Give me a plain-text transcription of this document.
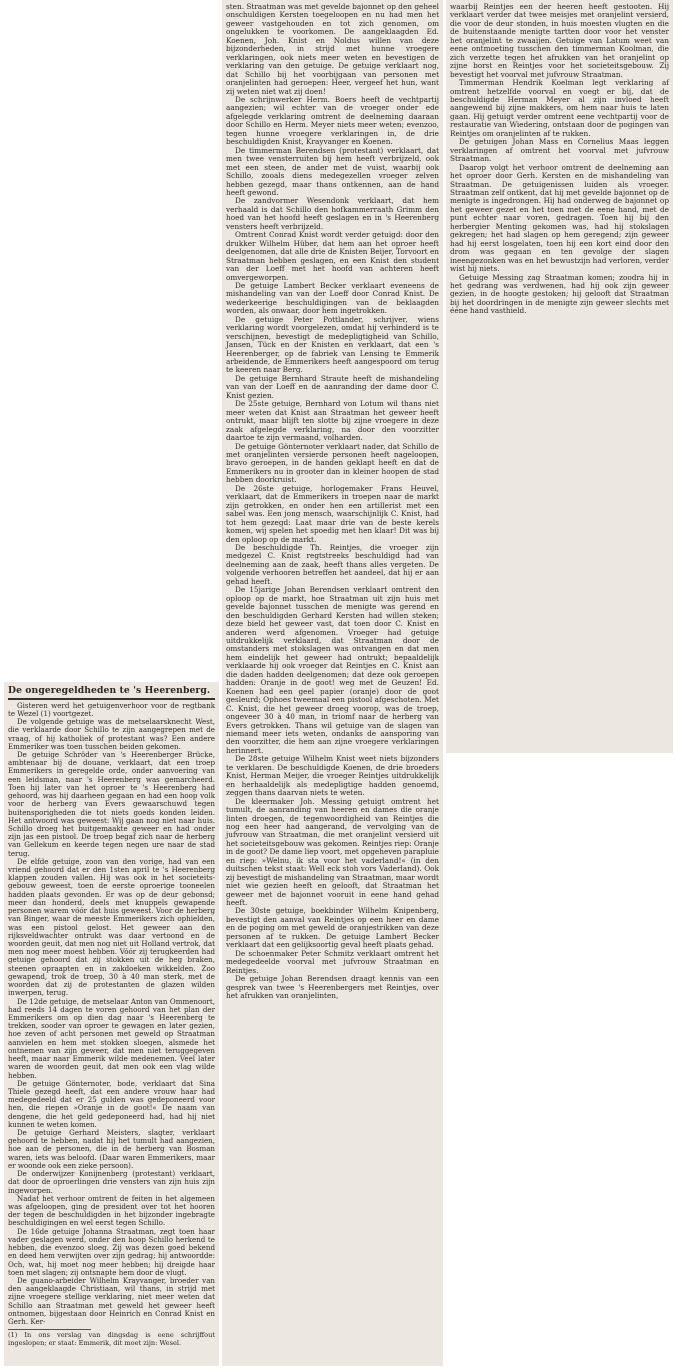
De ongeregeldheden te 's Heerenberg.

Gisteren werd het getuigenverhoor voor de regtbank te Wezel (1) voortgezet.

De volgende getuige was de metselaarsknecht West, die verklaarde door Schillo te zijn aangegrepen met de vraag, of hij katholiek of protestant was? Een andere Emmeriker was toen tusschen beiden gekomen.

De getuige Schröder van 's Heerenberger Brücke, ambtenaar bij de douane, verklaart, dat een troep Emmerikers in geregelde orde, onder aanvoering van een leidsman, naar 's Heerenberg was gemarcheerd. Toen hij later van het oproer te 's Heerenberg had gehoord, was hij daarheen gegaan en had een hoop volk voor de herberg van Evers gewaarschuwd tegen buitensporigheden die tot niets goeds konden leiden. Het antwoord was geweest: Wij gaan nog niet naar huis. Schillo droeg het buitgemaakte geweer en had onder zijn jas een pistool. De troep begaf zich naar de herberg van Gellekum en keerde tegen negen ure naar de stad terug.

De elfde getuige, zoon van den vorige, had van een vriend gehoord dat er den 1sten april te 's Heerenberg klappen zouden vallen. Hij was ook in het societeits-gebouw geweest, toen de eerste oproerige tooneelen hadden plaats gevonden. Er was op de deur gebonsd; meer dan honderd, deels met knuppels gewapende personen warem vóór dat huis geweest. Voor de herberg van Binger, waar de meeste Emmerikers zich ophielden, was een pistool gelost. Het geweer aan den rijksveldwachter ontrukt was daar vertoond en de woorden geuit, dat men nog niet uit Holland vertrok, dat men nog meer moest hebben. Vóór zij terugkeerden had getuige gehoord dat zij stokken uit de heg braken, steenen opraapten en in zakdoeken wikkelden. Zoo gewapend, trok de troep, 30 à 40 man sterk, met de woorden dat zij de protestanten de glazen wilden inwerpen, terug.

De 12de getuige, de metselaar Anton van Ommenoort, had reeds 14 dagen te voren gehoord van het plan der Emmerikers om op dien dag naar 's Heerenberg te trekken, sooder van oproer te gewagen en later gezien, hoe zeven of acht personen met geweld op Straatman aanvielen en hem met stokken sloegen, alsmede het ontnemen van zijn geweer, dat men niet teruggegeven heeft, maar naar Emmerik wilde medenemen. Veel later waren de woorden geuit, dat men ook een vlag wilde hebben.

De getuige Gönternoter, bode, verklaart dat Sina Thiele gezegd heeft, dat een andere vrouw haar had medegedeeld dat er 25 gulden was gedeponeerd voor hen, die riepen »Oranje in de goot!« De naam van dengene, die het geld gedeponeerd had, had hij niet kunnen te weten komen.

De getuige Gerhard Meisters, slagter, verklaart gehoord te hebben, nadat hij het tumult had aangezien, hoe aan de personen, die in de herberg van Bosman waren, iets was beloofd. (Daar waren Emmerikers, maar er woonde ook een zieke persoon).

De onderwijzer Konijnenberg (protestant) verklaart, dat door de oproerlingen drie vensters van zijn huis zijn ingeworpen.

Nadat het verhoor omtrent de feiten in het algemeen was afgeloopen, ging de president over tot het hooren der tegen de beschuldigden in het bijzonder ingebragte beschuldigingen en wel eerst tegen Schillo.

De 16de getuige Johanna Straatman, zegt toen haar vader geslagen werd, onder den hoop Schillo herkend te hebben, die evenzoo sloeg. Zij was dezen goed bekend en deed hem verwijten over zijn gedrag; hij antwoordde: Och, wat, hij moet nog meer hebben; hij dreigde haar toen met slagen; zij ontsnapte hem door de vlugt.

De guano-arbeider Wilhelm Krayvanger, broeder van den aangeklaagde Christiaan, wil thans, in strijd met zijne vroegere stellige verklaring, niet meer weten dat Schillo aan Straatman met geweld het geweer heeft ontnomen, bijgestaan door Heinrich en Conrad Knist en Gerh. Ker-

(1) In ons verslag van dingsdag is eene schrijffout ingeslopen; er staat: Emmerik, dit moet zijn: Wesel.

sten. Straatman was met gevelde bajonnet op den geheel onschuldigen Kersten toegeloopen en nu had men het geweer vastgehouden en tot zich genomen, om ongelukken te voorkomen. De aangeklaagden Ed. Koenen, Joh. Knist en Noldus willen van deze bijzonderheden, in strijd met hunne vroegere verklaringen, ook niets meer weten en bevestigen de verklaring van den getuige. De getuige verklaart nog, dat Schillo bij het voorbijgaan van personen met oranjelinten had geroepen: Heer, vergeef het hun, want zij weten niet wat zij doen!

De schrijnwerker Herm. Boers heeft de vechtpartij aangezien; wil echter van de vroeger onder ede afgelegde verklaring omtrent de deelneming daaraan door Schillo en Herm. Meyer niets meer weten; evenzoo, tegen hunne vroegere verklaringen in, de drie beschuldigden Knist, Krayvanger en Koenen.

De timmerman Berendsen (protestant) verklaart, dat men twee vensterruiten bij hem heeft verbrijzeld, ook met een steen, de ander met de vuist, waarbij ook Schillo, zooals diens medegezellen vroeger zelven hebben gezegd, maar thans ontkennen, aan de hand heeft gewond.

De zandvormer Wesendonk verklaart, dat hem verhaald is dat Schillo den hofkammerraath Grimm den hoed van het hoofd heeft geslagen en in 's Heerenberg vensters heeft verbrijzeld.

Omtrent Conrad Knist wordt verder getuigd: door den drukker Wilhelm Hüber, dat hem aan het oproer heeft deelgenomen, dat alle drie de Knisten Beijer, Torvoort en Straatman hebben geslagen, en een Knist den student van der Loeff met het hoofd van achteren heeft omvergeworpen.

De getuige Lambert Becker verklaart eveneens de mishandeling van van der Loeff door Conrad Knist. De wederkeerige beschuldigingen van de beklaagden worden, als onwaar, door hem ingetrokken.

De getuige Peter Pottlander, schrijver, wiens verklaring wordt voorgelezen, omdat hij verhinderd is te verschijnen, bevestigt de medepligtigheid van Schillo, Jansen, Tück en der Knisten en verklaart, dat een 's Heerenberger, op de fabriek van Lensing te Emmerik arbeidende, de Emmerikers heeft aangespoord om terug te keeren naar Berg.

De getuige Bernhard Straute heeft de mishandeling van van der Loeff en de aanranding der dame door C. Knist gezien.

De 25ste getuige, Bernhard von Lotum wil thans niet meer weten dat Knist aan Straatman het geweer heeft ontrukt, maar blijft ten slotte bij zijne vroegere in deze zaak afgelegde verklaring, na door den voorzitter daartoe te zijn vermaand, volharden.

De getuige Gönternoter verklaart nader, dat Schillo de met oranjelinten versierde personen heeft nageloopen, bravo geroepen, in de handen geklapt heeft en dat de Emmerikers nu in grooter dan in kleiner hoopen de stad hebben doorkruist.

De 26ste getuige, horlogemaker Frans Heuvel, verklaart, dat de Emmerikers in troepen naar de markt zijn getrokken, en onder hen een artillerist met een sabel was. Een jong mensch, waarschijnlijk C. Knist, had tot hem gezegd: Laat maar drie van de beste kerels komen, wij spelen het spoedig met hen klaar! Dit was bij den oploop op de markt.

De beschuldigde Th. Reintjes, die vroeger zijn medgezel C. Knist regtstreeks beschuldigd had van deelneming aan de zaak, heeft thans alles vergeten. De volgende verhooren betreffen het aandeel, dat hij er aan gehad heeft.

De 15jarige Johan Berendsen verklaart omtrent den oploop op de markt, hoe Straatman uit zijn huis met gevelde bajonnet tusschen de menigte was gerend en den beschuldigden Gerhard Kersten had willen steken; deze bield het geweer vast, dat toen door C. Knist en anderen werd afgenomen. Vroeger had getuige uitdrukkelijk verklaard, dat Straatman door de omstanders met stokslagen was ontvangen en dat men hem eindelijk het geweer had ontrukt; bepaaldelijk verklaarde hij ook vroeger dat Reintjes en C. Knist aan die daden hadden deelgenomen; dat deze ook geroepen hadden: Oranje in de goot! weg met de Geuzen! Ed. Koenen had een geel papier (oranje) door de goot gesleurd; Ophoes tweemaal een pistool afgeschoten. Met C. Knist, die het geweer droeg voorop, was de troep, ongeveer 30 à 40 man, in triomf naar de herberg van Evers getrokken. Thans wil getuige van de slagen van niemand meer iets weten, ondanks de aansporing van den voorzitter, die hem aan zijne vroegere verklaringen herinnert.

De 28ste getuige Wilhelm Knist weet niets bijzonders te verklaren. De beschuldigde Koenen, de drie broeders Knist, Herman Meijer, die vroeger Reintjes uitdrukkelijk en herhaaldelijk als medepligtige hadden genoemd, zeggen thans daarvan niets te weten.

De kleermaker Joh. Messing getuigt omtrent het tumult, de aanranding van heeren en dames die oranje linten droegen, de tegenwoordigheid van Reintjes die nog een heer had aangerand, de vervolging van de jufvrouw van Straatman, die met oranjelint versierd uit het societeitsgebouw was gekomen. Reintjes riep: Oranje in de goot? De dame liep voort, met opgeheven parapluie en riep: »Welnu, ik sta voor het vaderland!« (in den duitschen tekst staat: Well eck stoh vors Vaderland). Ook zij bevestigt de mishandeling van Straatman, maar wordt niet wie gezien heeft en gelooft, dat Straatman het geweer met de bajonnet vooruit in eene hand gehad heeft.

De 30ste getuige, boekbinder Wilhelm Knipenberg, bevestigt den aanval van Reintjes op een heer en dame en de poging om met geweld de oranjestrikken van deze personen af te rukken. De getuige Lambert Becker verklaart dat een gelijksoortig geval heeft plaats gehad.

De schoenmaker Peter Schmitz verklaart omtrent het medegedeelde voorval met jufvrouw Straatman en Reintjes.

De getuige Johan Berendsen draagt kennis van een gesprek van twee 's Heerenbergers met Reintjes, over het afrukken van oranjelinten,

waarbij Reintjes een der heeren heeft gestooten. Hij verklaart verder dat twee meisjes met oranjelint versierd, die voor de deur stonden, in huis moesten vlugten en die de buitenstaande menigte tartten door voor het venster het oranjelint te zwaaijen. Getuige van Latum weet van eene ontmoeting tusschen den timmerman Koolman, die zich verzette tegen het afrukken van het oranjelint op zijne borst en Reintjes voor het societeitsgebouw. Zij bevestigt het voorval met jufvrouw Straatman.

Timmerman Hendrik Koelman legt verklaring af omtrent hetzelfde voorval en voegt er bij, dat de beschuldigde Herman Meyer al zijn invloed heeft aangewend bij zijne makkers, om hem naar huis te laten gaan. Hij getuigt verder omtrent eene vechtpartij voor de restauratie van Wiedering, ontstaan door de pogingen van Reintjes om oranjelinten af te rukken.

De getuigen Johan Mass en Cornelius Maas leggen verklaringen af omtrent het voorval met jufvrouw Straatman.

Daarop volgt het verhoor omtrent de deelneming aan het oproer door Gerh. Kersten en de mishandeling van Straatman. De getuigenissen luiden als vroeger. Straatman zelf ontkent, dat hij met gevelde bajonnet op de menigte is ingedrongen. Hij had onderweg de bajonnet op het geweer gezet en het toen met de eene hand, met de punt echter naar voren, gedragen. Toen hij bij den herbergier Menting gekomen was, had hij stokslagen gekregen; het had slagen op hem geregend; zijn geweer had hij eerst losgelaten, toen hij een kort eind door den drom was gegaan en ten gevolge der slagen ineengezonken was en het bewustzijn had verloren, verder wist hij niets.

Getuige Messing zag Straatman komen; zoodra hij in het gedrang was verdwenen, had hij ook zijn geweer gezien, in de hoogte gestoken; hij gelooft dat Straatman bij het doordringen in de menigte zijn geweer slechts met ééne hand vasthield.
